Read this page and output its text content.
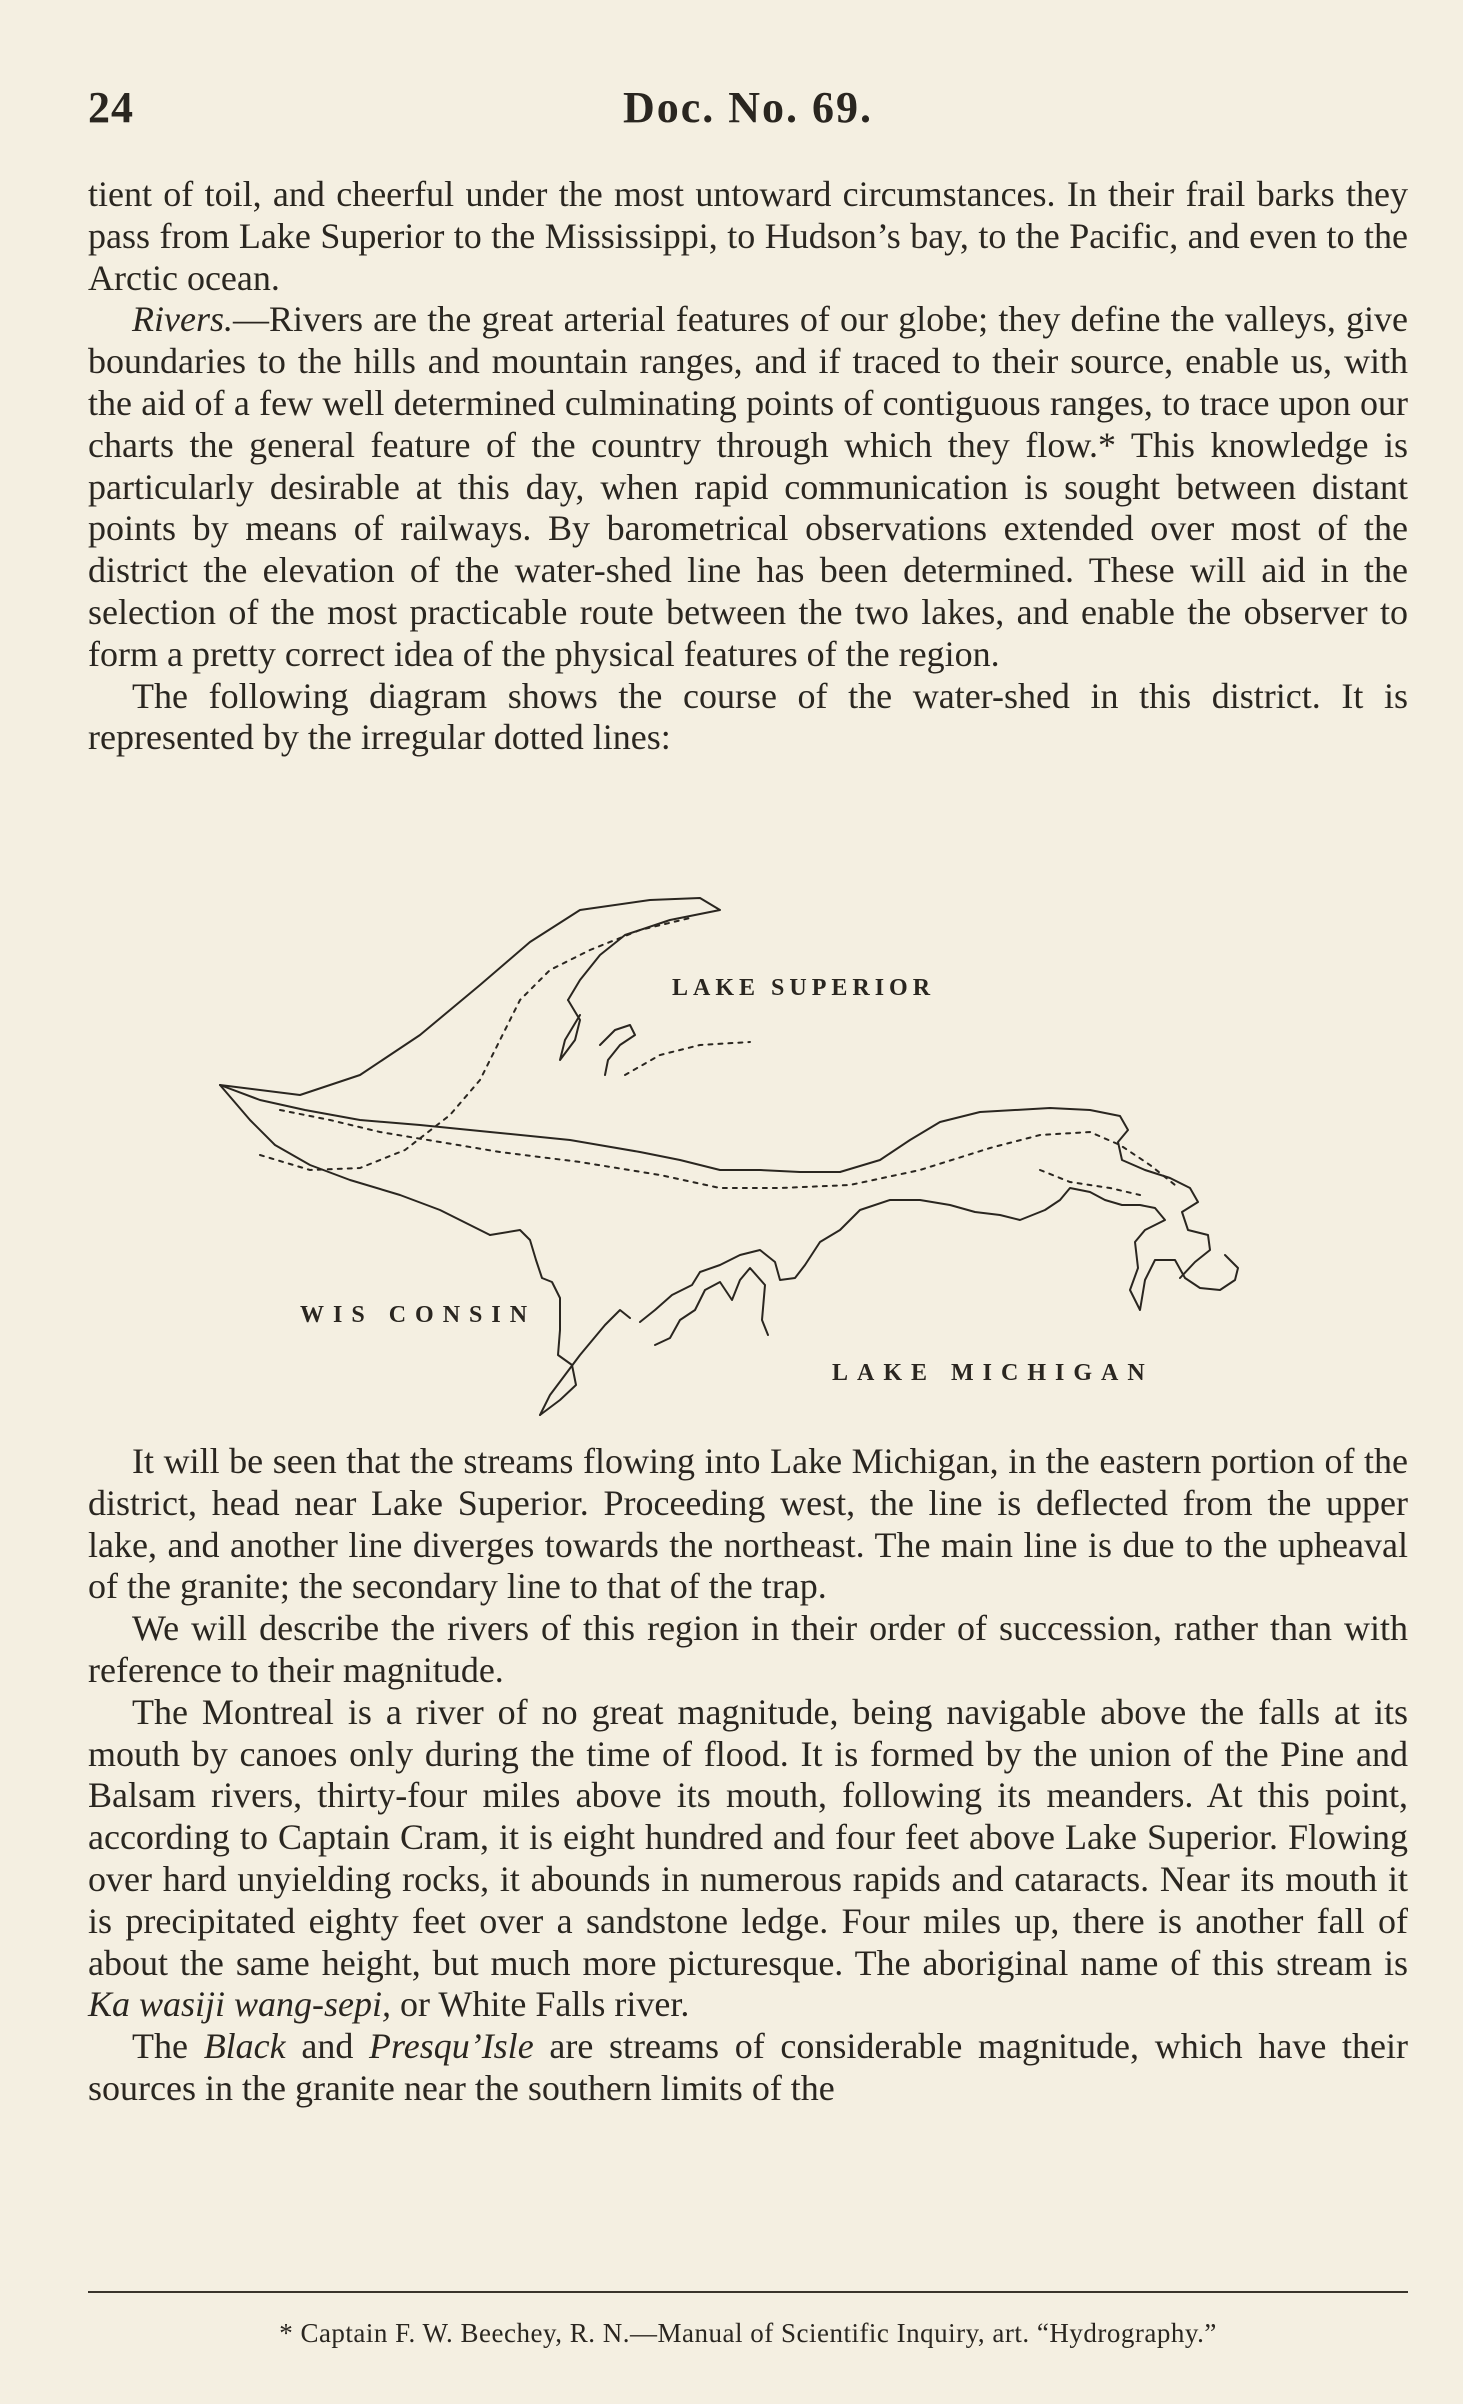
24	Doc. No. 69.

tient of toil, and cheerful under the most untoward circumstances. In their frail barks they pass from Lake Superior to the Mississippi, to Hudson’s bay, to the Pacific, and even to the Arctic ocean.

Rivers.—Rivers are the great arterial features of our globe; they define the valleys, give boundaries to the hills and mountain ranges, and if traced to their source, enable us, with the aid of a few well determined culminating points of contiguous ranges, to trace upon our charts the general feature of the country through which they flow.* This knowledge is particularly desirable at this day, when rapid communication is sought between distant points by means of railways. By barometrical observations extended over most of the district the elevation of the water-shed line has been determined. These will aid in the selection of the most practicable route between the two lakes, and enable the observer to form a pretty correct idea of the physical features of the region.

The following diagram shows the course of the water-shed in this district. It is represented by the irregular dotted lines:

LAKE SUPERIOR
WIS CONSIN
LAKE MICHIGAN

It will be seen that the streams flowing into Lake Michigan, in the eastern portion of the district, head near Lake Superior. Proceeding west, the line is deflected from the upper lake, and another line diverges towards the northeast. The main line is due to the upheaval of the granite; the secondary line to that of the trap.

We will describe the rivers of this region in their order of succession, rather than with reference to their magnitude.

The Montreal is a river of no great magnitude, being navigable above the falls at its mouth by canoes only during the time of flood. It is formed by the union of the Pine and Balsam rivers, thirty-four miles above its mouth, following its meanders. At this point, according to Captain Cram, it is eight hundred and four feet above Lake Superior. Flowing over hard unyielding rocks, it abounds in numerous rapids and cataracts. Near its mouth it is precipitated eighty feet over a sandstone ledge. Four miles up, there is another fall of about the same height, but much more picturesque. The aboriginal name of this stream is Ka wasiji wang-sepi, or White Falls river.

The Black and Presqu’Isle are streams of considerable magnitude, which have their sources in the granite near the southern limits of the

* Captain F. W. Beechey, R. N.—Manual of Scientific Inquiry, art. “Hydrography.”
